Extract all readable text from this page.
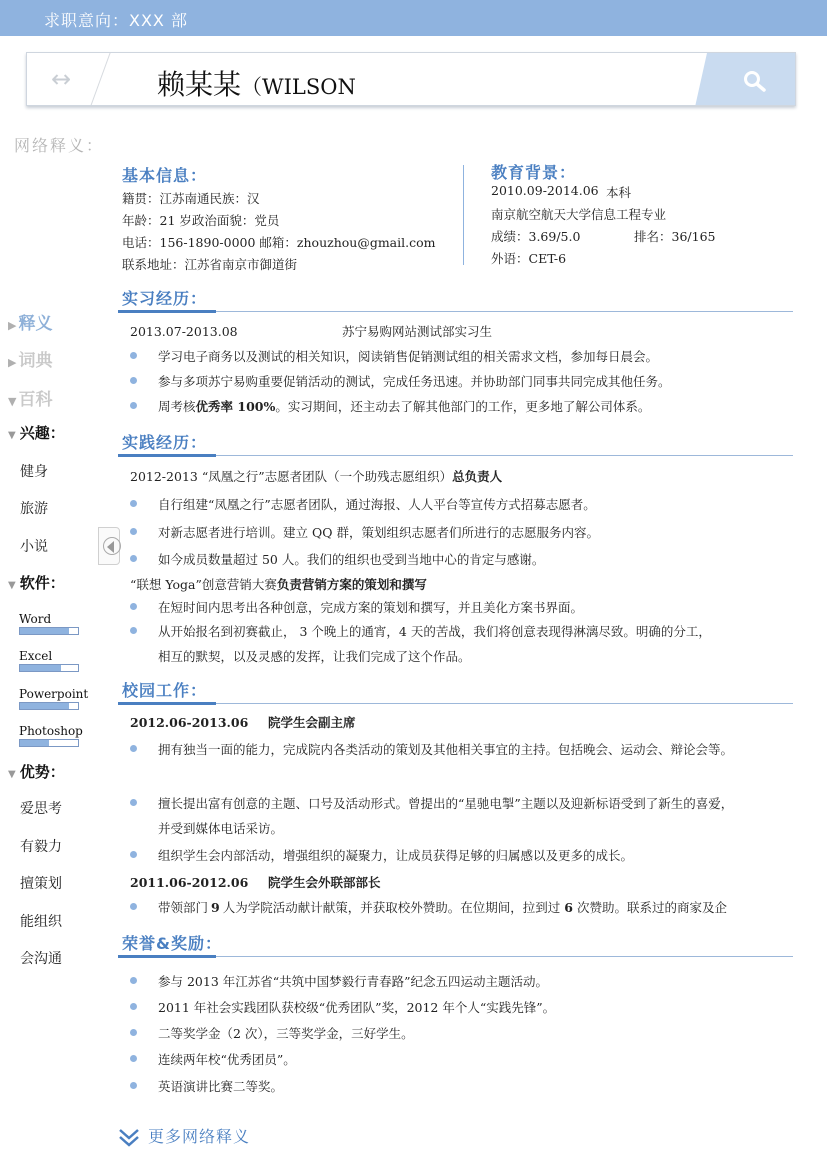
求职意向：XXX 部
↔	赖某某（WILSON
网络释义：
▶ 释义
▶ 词典
▼ 百科
▼ 兴趣：
健身
旅游
小说
▼ 软件：
Word
Excel
Powerpoint
Photoshop
▼ 优势：
爱思考
有毅力
擅策划
能组织
会沟通
基本信息：
籍贯：江苏南通民族：汉
年龄：21 岁政治面貌：党员
电话：156-1890-0000 邮箱：zhouzhou@gmail.com
联系地址：江苏省南京市御道街
教育背景：
2010.09-2014.06 本科
南京航空航天大学信息工程专业
成绩：3.69/5.0	排名：36/165
外语：CET-6
实习经历：
2013.07-2013.08	苏宁易购网站测试部实习生
学习电子商务以及测试的相关知识，阅读销售促销测试组的相关需求文档，参加每日晨会。
参与多项苏宁易购重要促销活动的测试，完成任务迅速。并协助部门同事共同完成其他任务。
周考核优秀率 100%。实习期间，还主动去了解其他部门的工作，更多地了解公司体系。
实践经历：
2012-2013 “凤凰之行”志愿者团队（一个助残志愿组织）总负责人
自行组建“凤凰之行”志愿者团队，通过海报、人人平台等宣传方式招募志愿者。
对新志愿者进行培训。建立 QQ 群，策划组织志愿者们所进行的志愿服务内容。
如今成员数量超过 50 人。我们的组织也受到当地中心的肯定与感谢。
“联想 Yoga”创意营销大赛负责营销方案的策划和撰写
在短时间内思考出各种创意，完成方案的策划和撰写，并且美化方案书界面。
从开始报名到初赛截止， 3 个晚上的通宵，4 天的苦战，我们将创意表现得淋漓尽致。明确的分工，
相互的默契，以及灵感的发挥，让我们完成了这个作品。
校园工作：
2012.06-2013.06 院学生会副主席
拥有独当一面的能力，完成院内各类活动的策划及其他相关事宜的主持。包括晚会、运动会、辩论会等。
擅长提出富有创意的主题、口号及活动形式。曾提出的“星驰电掣”主题以及迎新标语受到了新生的喜爱，
并受到媒体电话采访。
组织学生会内部活动，增强组织的凝聚力，让成员获得足够的归属感以及更多的成长。
2011.06-2012.06 院学生会外联部部长
带领部门 9 人为学院活动献计献策，并获取校外赞助。在位期间，拉到过 6 次赞助。联系过的商家及企
荣誉&奖励：
参与 2013 年江苏省“共筑中国梦毅行青春路”纪念五四运动主题活动。
2011 年社会实践团队获校级“优秀团队”奖，2012 年个人“实践先锋”。
二等奖学金（2 次），三等奖学金，三好学生。
连续两年校“优秀团员”。
英语演讲比赛二等奖。
更多网络释义
